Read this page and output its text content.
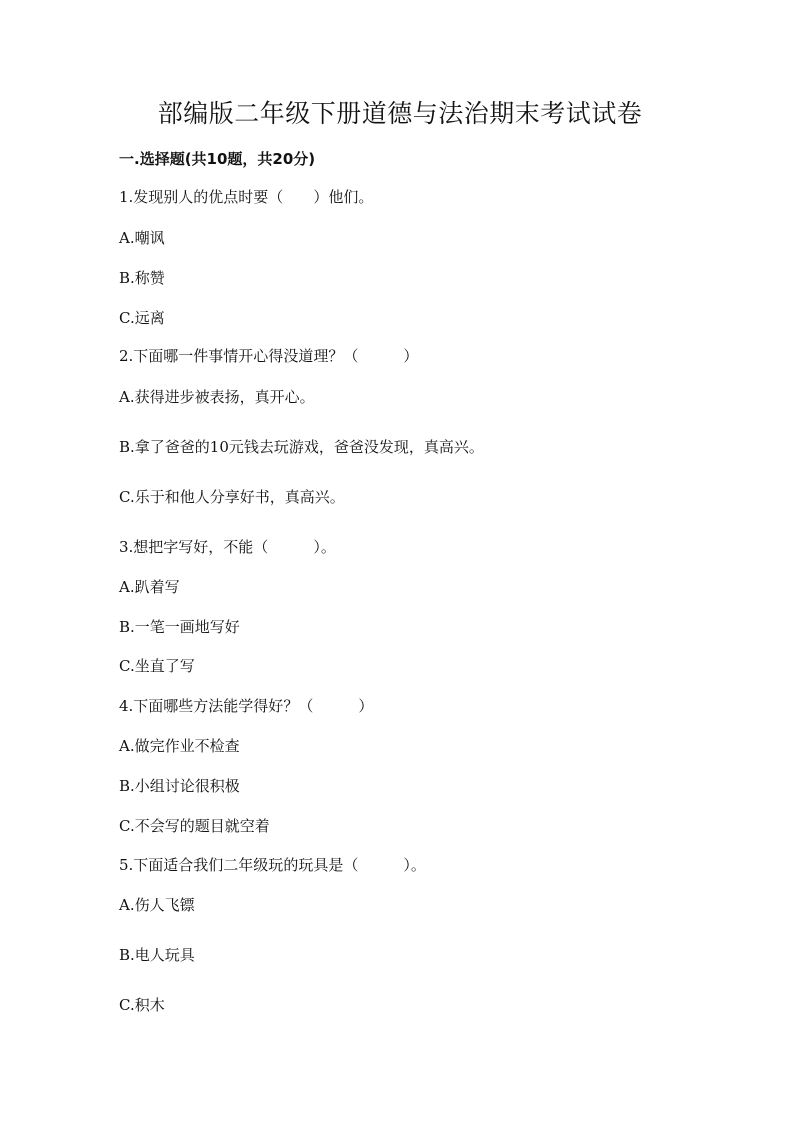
部编版二年级下册道德与法治期末考试试卷
一.选择题(共10题，共20分)
1.发现别人的优点时要（　　）他们。
A.嘲讽
B.称赞
C.远离
2.下面哪一件事情开心得没道理？（　　　）
A.获得进步被表扬，真开心。
B.拿了爸爸的10元钱去玩游戏，爸爸没发现，真高兴。
C.乐于和他人分享好书，真高兴。
3.想把字写好，不能（　　　）。
A.趴着写
B.一笔一画地写好
C.坐直了写
4.下面哪些方法能学得好？（　　　）
A.做完作业不检查
B.小组讨论很积极
C.不会写的题目就空着
5.下面适合我们二年级玩的玩具是（　　　）。
A.伤人飞镖
B.电人玩具
C.积木
